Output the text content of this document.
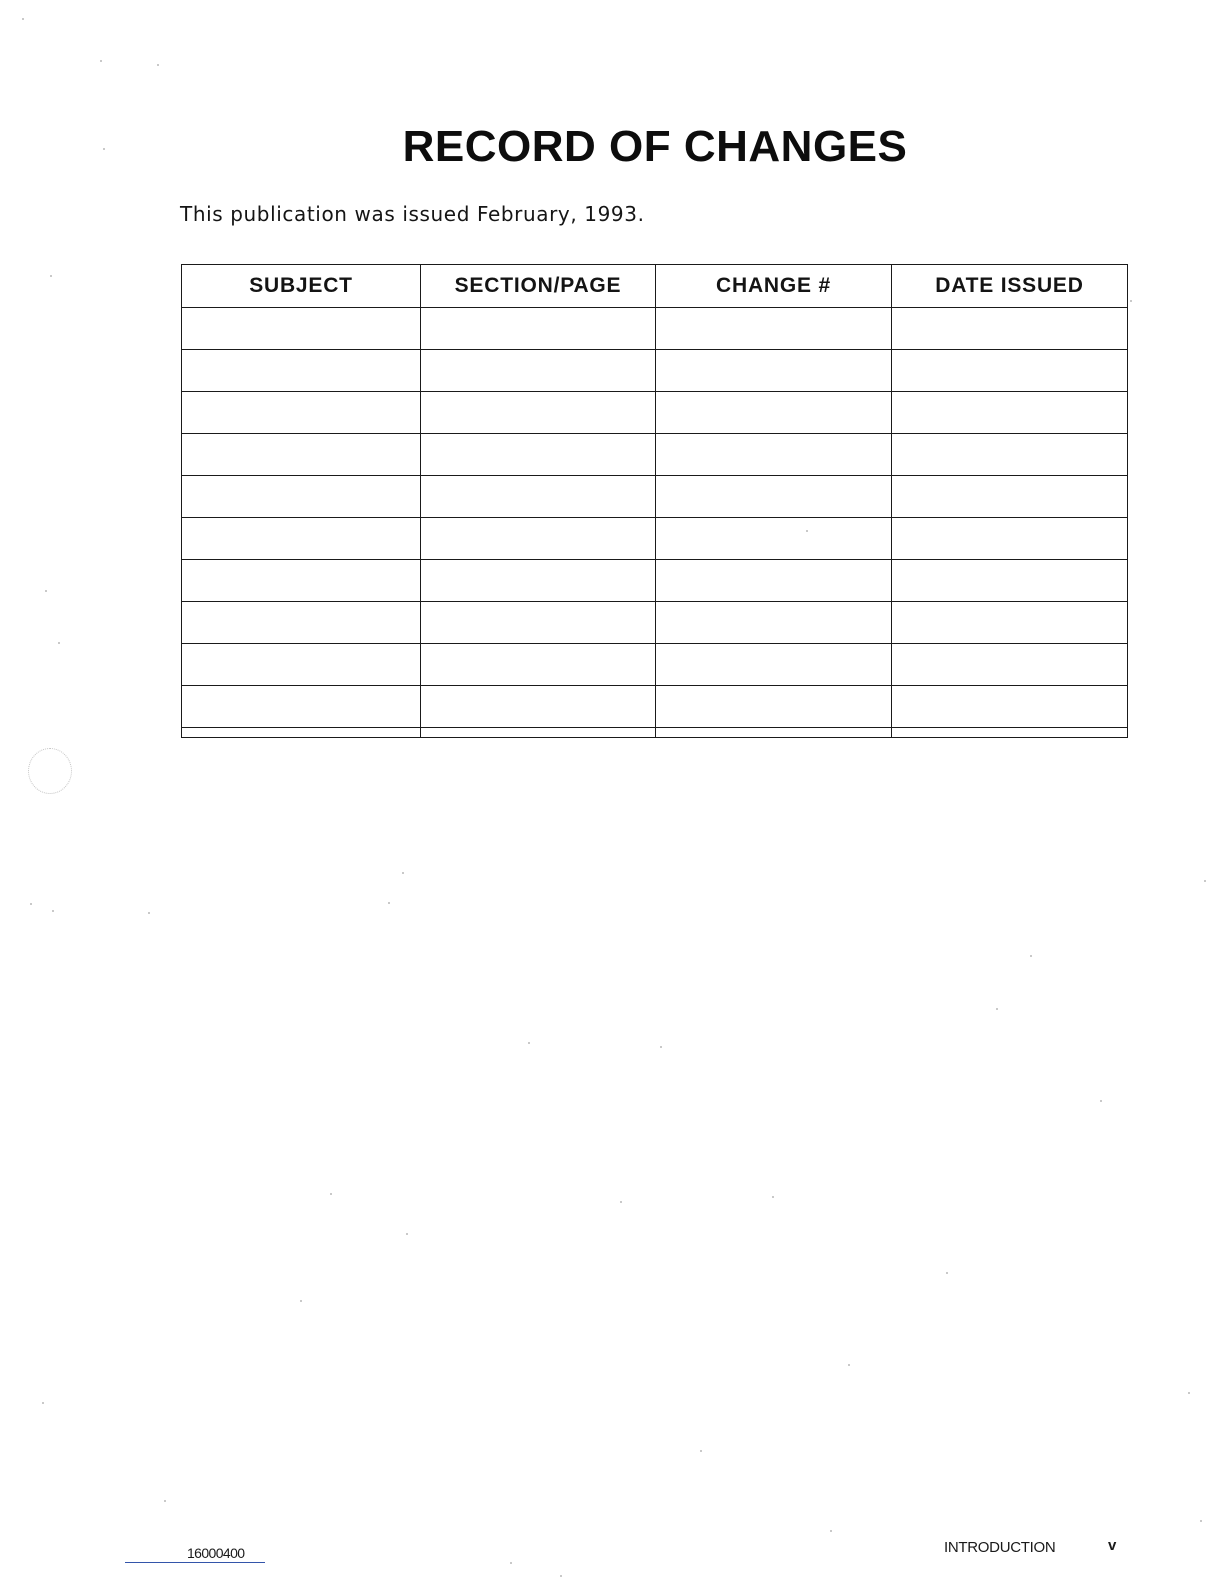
RECORD OF CHANGES
This publication was issued February, 1993.
SUBJECT	SECTION/PAGE	CHANGE #	DATE ISSUED

16000400	INTRODUCTION	v
